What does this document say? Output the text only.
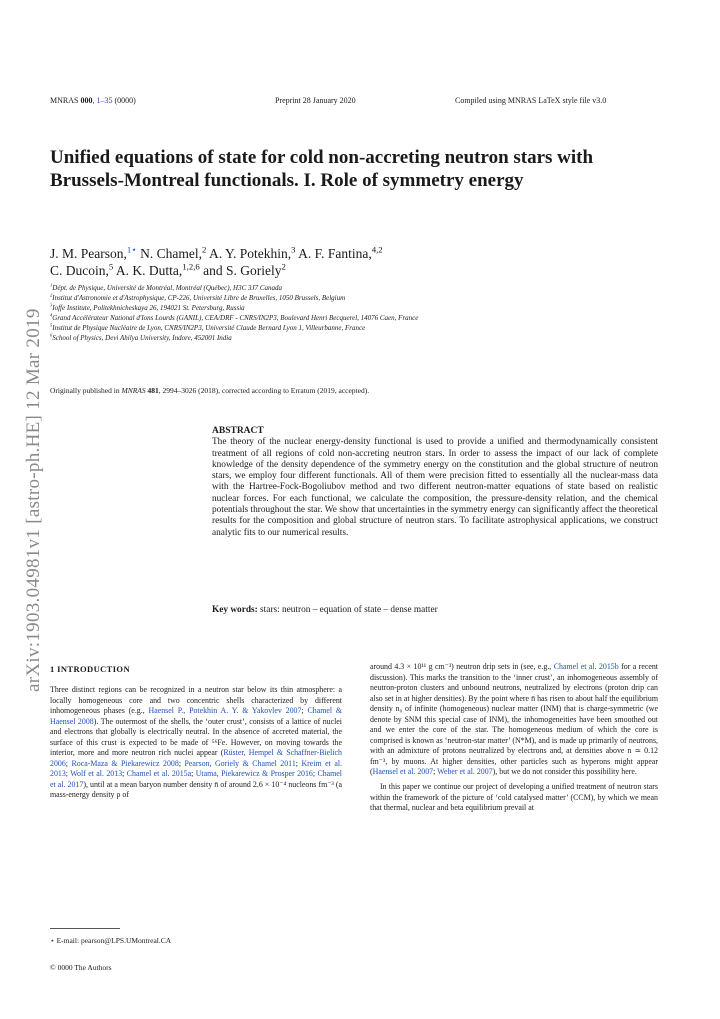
MNRAS 000, 1–35 (0000)	Preprint 28 January 2020	Compiled using MNRAS LaTeX style file v3.0
arXiv:1903.04981v1 [astro-ph.HE] 12 Mar 2019
Unified equations of state for cold non-accreting neutron stars with Brussels-Montreal functionals. I. Role of symmetry energy
J. M. Pearson,$^{1⋆}$ N. Chamel,$^2$ A. Y. Potekhin,$^3$ A. F. Fantina,$^{4,2}$
C. Ducoin,$^5$ A. K. Dutta,$^{1,2,6}$ and S. Goriely$^2$
$^1$Dépt. de Physique, Université de Montréal, Montréal (Québec), H3C 3J7 Canada
$^2$Institut d'Astronomie et d'Astrophysique, CP-226, Université Libre de Bruxelles, 1050 Brussels, Belgium
$^3$Ioffe Institute, Politekhnicheskaya 26, 194021 St. Petersburg, Russia
$^4$Grand Accélérateur National d'Ions Lourds (GANIL), CEA/DRF - CNRS/IN2P3, Boulevard Henri Becquerel, 14076 Caen, France
$^5$Institut de Physique Nucléaire de Lyon, CNRS/IN2P3, Université Claude Bernard Lyon 1, Villeurbanne, France
$^6$School of Physics, Devi Ahilya University, Indore, 452001 India
Originally published in MNRAS 481, 2994–3026 (2018), corrected according to Erratum (2019, accepted).
ABSTRACT
The theory of the nuclear energy-density functional is used to provide a unified and thermodynamically consistent treatment of all regions of cold non-accreting neutron stars. In order to assess the impact of our lack of complete knowledge of the density dependence of the symmetry energy on the constitution and the global structure of neutron stars, we employ four different functionals. All of them were precision fitted to essentially all the nuclear-mass data with the Hartree-Fock-Bogoliubov method and two different neutron-matter equations of state based on realistic nuclear forces. For each functional, we calculate the composition, the pressure-density relation, and the chemical potentials throughout the star. We show that uncertainties in the symmetry energy can significantly affect the theoretical results for the composition and global structure of neutron stars. To facilitate astrophysical applications, we construct analytic fits to our numerical results.
Key words: stars: neutron – equation of state – dense matter
1 INTRODUCTION

Three distinct regions can be recognized in a neutron star below its thin atmosphere: a locally homogeneous core and two concentric shells characterized by different inhomogeneous phases (e.g., Haensel P., Potekhin A. Y. & Yakovlev 2007; Chamel & Haensel 2008). The outermost of the shells, the ‘outer crust’, consists of a lattice of nuclei and electrons that globally is electrically neutral. In the absence of accreted material, the surface of this crust is expected to be made of ⁵⁶Fe. However, on moving towards the interior, more and more neutron rich nuclei appear (Rüster, Hempel & Schaffner-Bielich 2006; Roca-Maza & Piekarewicz 2008; Pearson, Goriely & Chamel 2011; Kreim et al. 2013; Wolf et al. 2013; Chamel et al. 2015a; Utama, Piekarewicz & Prosper 2016; Chamel et al. 2017), until at a mean baryon number density n̄ of around 2.6 × 10⁻⁴ nucleons fm⁻³ (a mass-energy density ρ of

around 4.3 × 10¹¹ g cm⁻³) neutron drip sets in (see, e.g., Chamel et al. 2015b for a recent discussion). This marks the transition to the ‘inner crust’, an inhomogeneous assembly of neutron-proton clusters and unbound neutrons, neutralized by electrons (proton drip can also set in at higher densities). By the point where n̄ has risen to about half the equilibrium density n₀ of infinite (homogeneous) nuclear matter (INM) that is charge-symmetric (we denote by SNM this special case of INM), the inhomogeneities have been smoothed out and we enter the core of the star. The homogeneous medium of which the core is comprised is known as ‘neutron-star matter’ (N*M), and is made up primarily of neutrons, with an admixture of protons neutralized by electrons and, at densities above n ≃ 0.12 fm⁻³, by muons. At higher densities, other particles such as hyperons might appear (Haensel et al. 2007; Weber et al. 2007), but we do not consider this possibility here.

In this paper we continue our project of developing a unified treatment of neutron stars within the framework of the picture of ‘cold catalysed matter’ (CCM), by which we mean that thermal, nuclear and beta equilibrium prevail at

⋆ E-mail: pearson@LPS.UMontreal.CA
© 0000 The Authors
